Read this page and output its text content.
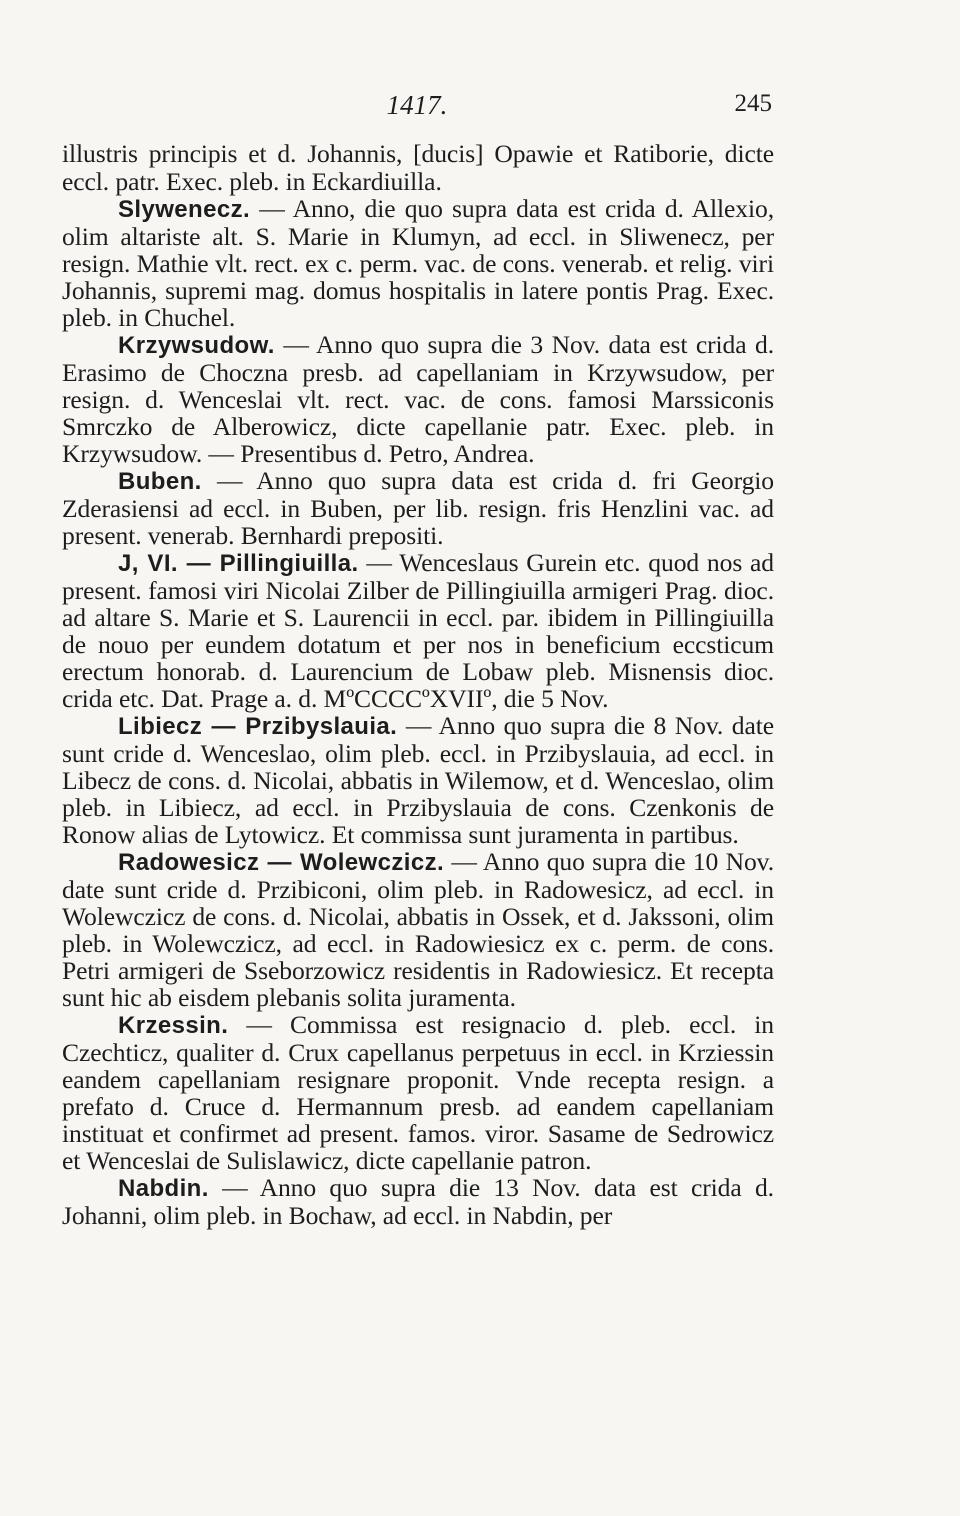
1417.	245

illustris principis et d. Johannis, [ducis] Opawie et Ratiborie, dicte eccl. patr. Exec. pleb. in Eckardiuilla.

Slywenecz. — Anno, die quo supra data est crida d. Allexio, olim altariste alt. S. Marie in Klumyn, ad eccl. in Sliwenecz, per resign. Mathie vlt. rect. ex c. perm. vac. de cons. venerab. et relig. viri Johannis, supremi mag. domus hospitalis in latere pontis Prag. Exec. pleb. in Chuchel.

Krzywsudow. — Anno quo supra die 3 Nov. data est crida d. Erasimo de Choczna presb. ad capellaniam in Krzywsudow, per resign. d. Wenceslai vlt. rect. vac. de cons. famosi Marssiconis Smrczko de Alberowicz, dicte capellanie patr. Exec. pleb. in Krzywsudow. — Presentibus d. Petro, Andrea.

Buben. — Anno quo supra data est crida d. fri Georgio Zderasiensi ad eccl. in Buben, per lib. resign. fris Henzlini vac. ad present. venerab. Bernhardi prepositi.

J, VI. — Pillingiuilla. — Wenceslaus Gurein etc. quod nos ad present. famosi viri Nicolai Zilber de Pillingiuilla armigeri Prag. dioc. ad altare S. Marie et S. Laurencii in eccl. par. ibidem in Pillingiuilla de nouo per eundem dotatum et per nos in beneficium eccsticum erectum honorab. d. Laurencium de Lobaw pleb. Misnensis dioc. crida etc. Dat. Prage a. d. MºCCCCºXVIIº, die 5 Nov.

Libiecz — Przibyslauia. — Anno quo supra die 8 Nov. date sunt cride d. Wenceslao, olim pleb. eccl. in Przibyslauia, ad eccl. in Libecz de cons. d. Nicolai, abbatis in Wilemow, et d. Wenceslao, olim pleb. in Libiecz, ad eccl. in Przibyslauia de cons. Czenkonis de Ronow alias de Lytowicz. Et commissa sunt juramenta in partibus.

Radowesicz — Wolewczicz. — Anno quo supra die 10 Nov. date sunt cride d. Przibiconi, olim pleb. in Radowesicz, ad eccl. in Wolewczicz de cons. d. Nicolai, abbatis in Ossek, et d. Jakssoni, olim pleb. in Wolewczicz, ad eccl. in Radowiesicz ex c. perm. de cons. Petri armigeri de Sseborzowicz residentis in Radowiesicz. Et recepta sunt hic ab eisdem plebanis solita juramenta.

Krzessin. — Commissa est resignacio d. pleb. eccl. in Czechticz, qualiter d. Crux capellanus perpetuus in eccl. in Krziessin eandem capellaniam resignare proponit. Vnde recepta resign. a prefato d. Cruce d. Hermannum presb. ad eandem capellaniam instituat et confirmet ad present. famos. viror. Sasame de Sedrowicz et Wenceslai de Sulislawicz, dicte capellanie patron.

Nabdin. — Anno quo supra die 13 Nov. data est crida d. Johanni, olim pleb. in Bochaw, ad eccl. in Nabdin, per
